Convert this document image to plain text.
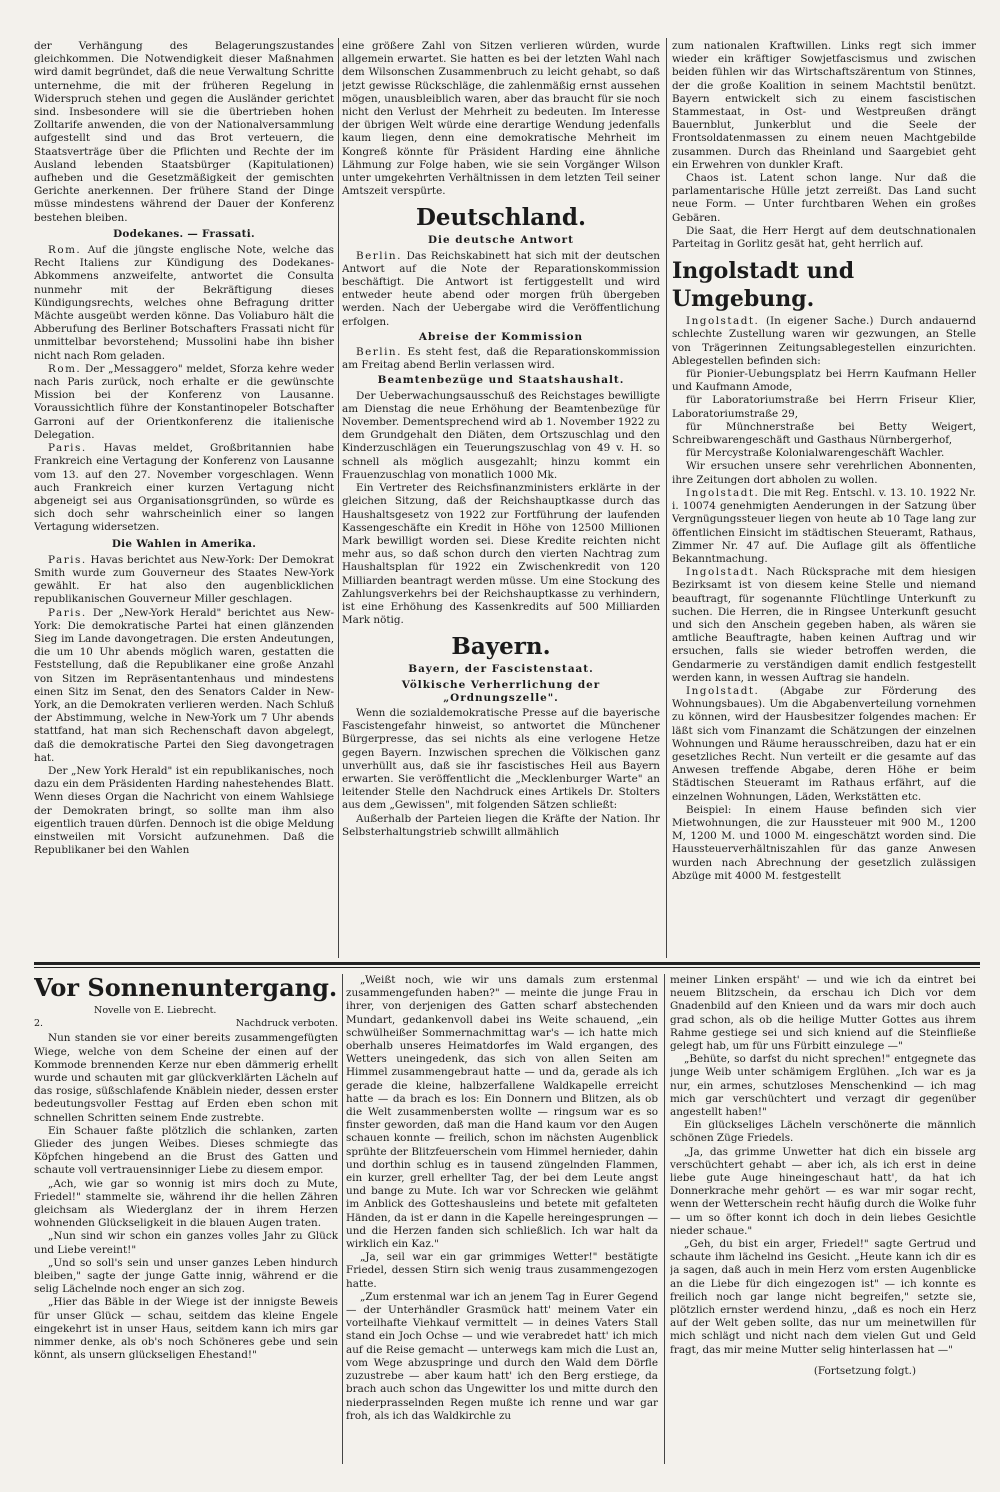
der Verhängung des Belagerungszustandes gleichkommen. Die Notwendigkeit dieser Maßnahmen wird damit begründet, daß die neue Verwaltung Schritte unternehme, die mit der früheren Regelung in Widerspruch stehen und gegen die Ausländer gerichtet sind. Insbesondere will sie die übertrieben hohen Zolltarife anwenden, die von der Nationalversammlung aufgestellt sind und das Brot verteuern, die Staatsverträge über die Pflichten und Rechte der im Ausland lebenden Staatsbürger (Kapitulationen) aufheben und die Gesetzmäßigkeit der gemischten Gerichte anerkennen. Der frühere Stand der Dinge müsse mindestens während der Dauer der Konferenz bestehen bleiben.

Dodekanes. — Frassati.

Rom. Auf die jüngste englische Note, welche das Recht Italiens zur Kündigung des Dodekanes-Abkommens anzweifelte, antwortet die Consulta nunmehr mit der Bekräftigung dieses Kündigungsrechts, welches ohne Befragung dritter Mächte ausgeübt werden könne. Das Voliaburo hält die Abberufung des Berliner Botschafters Frassati nicht für unmittelbar bevorstehend; Mussolini habe ihn bisher nicht nach Rom geladen.

Rom. Der „Messaggero" meldet, Sforza kehre weder nach Paris zurück, noch erhalte er die gewünschte Mission bei der Konferenz von Lausanne. Voraussichtlich führe der Konstantinopeler Botschafter Garroni auf der Orientkonferenz die italienische Delegation.

Paris. Havas meldet, Großbritannien habe Frankreich eine Vertagung der Konferenz von Lausanne vom 13. auf den 27. November vorgeschlagen. Wenn auch Frankreich einer kurzen Vertagung nicht abgeneigt sei aus Organisationsgründen, so würde es sich doch sehr wahrscheinlich einer so langen Vertagung widersetzen.

Die Wahlen in Amerika.

Paris. Havas berichtet aus New-York: Der Demokrat Smith wurde zum Gouverneur des Staates New-York gewählt. Er hat also den augenblicklichen republikanischen Gouverneur Miller geschlagen.

Paris. Der „New-York Herald" berichtet aus New-York: Die demokratische Partei hat einen glänzenden Sieg im Lande davongetragen. Die ersten Andeutungen, die um 10 Uhr abends möglich waren, gestatten die Feststellung, daß die Republikaner eine große Anzahl von Sitzen im Repräsentantenhaus und mindestens einen Sitz im Senat, den des Senators Calder in New-York, an die Demokraten verlieren werden. Nach Schluß der Abstimmung, welche in New-York um 7 Uhr abends stattfand, hat man sich Rechenschaft davon abgelegt, daß die demokratische Partei den Sieg davongetragen hat.

Der „New York Herald" ist ein republikanisches, noch dazu ein dem Präsidenten Harding nahestehendes Blatt. Wenn dieses Organ die Nachricht von einem Wahlsiege der Demokraten bringt, so sollte man ihm also eigentlich trauen dürfen. Dennoch ist die obige Meldung einstweilen mit Vorsicht aufzunehmen. Daß die Republikaner bei den Wahlen

eine größere Zahl von Sitzen verlieren würden, wurde allgemein erwartet. Sie hatten es bei der letzten Wahl nach dem Wilsonschen Zusammenbruch zu leicht gehabt, so daß jetzt gewisse Rückschläge, die zahlenmäßig ernst aussehen mögen, unausbleiblich waren, aber das braucht für sie noch nicht den Verlust der Mehrheit zu bedeuten. Im Interesse der übrigen Welt würde eine derartige Wendung jedenfalls kaum liegen, denn eine demokratische Mehrheit im Kongreß könnte für Präsident Harding eine ähnliche Lähmung zur Folge haben, wie sie sein Vorgänger Wilson unter umgekehrten Verhältnissen in dem letzten Teil seiner Amtszeit verspürte.

Deutschland.
Die deutsche Antwort

Berlin. Das Reichskabinett hat sich mit der deutschen Antwort auf die Note der Reparationskommission beschäftigt. Die Antwort ist fertiggestellt und wird entweder heute abend oder morgen früh übergeben werden. Nach der Uebergabe wird die Veröffentlichung erfolgen.

Abreise der Kommission

Berlin. Es steht fest, daß die Reparationskommission am Freitag abend Berlin verlassen wird.

Beamtenbezüge und Staatshaushalt.

Der Ueberwachungsausschuß des Reichstages bewilligte am Dienstag die neue Erhöhung der Beamtenbezüge für November. Dementsprechend wird ab 1. November 1922 zu dem Grundgehalt den Diäten, dem Ortszuschlag und den Kinderzuschlägen ein Teuerungszuschlag von 49 v. H. so schnell als möglich ausgezahlt; hinzu kommt ein Frauenzuschlag von monatlich 1000 Mk.

Ein Vertreter des Reichsfinanzministers erklärte in der gleichen Sitzung, daß der Reichshauptkasse durch das Haushaltsgesetz von 1922 zur Fortführung der laufenden Kassengeschäfte ein Kredit in Höhe von 12500 Millionen Mark bewilligt worden sei. Diese Kredite reichten nicht mehr aus, so daß schon durch den vierten Nachtrag zum Haushaltsplan für 1922 ein Zwischenkredit von 120 Milliarden beantragt werden müsse. Um eine Stockung des Zahlungsverkehrs bei der Reichshauptkasse zu verhindern, ist eine Erhöhung des Kassenkredits auf 500 Milliarden Mark nötig.

Bayern.
Bayern, der Fascistenstaat.
Völkische Verherrlichung der „Ordnungszelle".

Wenn die sozialdemokratische Presse auf die bayerische Fascistengefahr hinweist, so antwortet die Münchener Bürgerpresse, das sei nichts als eine verlogene Hetze gegen Bayern. Inzwischen sprechen die Völkischen ganz unverhüllt aus, daß sie ihr fascistisches Heil aus Bayern erwarten. Sie veröffentlicht die „Mecklenburger Warte" an leitender Stelle den Nachdruck eines Artikels Dr. Stolters aus dem „Gewissen", mit folgenden Sätzen schließt:

Außerhalb der Parteien liegen die Kräfte der Nation. Ihr Selbsterhaltungstrieb schwillt allmählich

zum nationalen Kraftwillen. Links regt sich immer wieder ein kräftiger Sowjetfascismus und zwischen beiden fühlen wir das Wirtschaftszärentum von Stinnes, der die große Koalition in seinem Machtstil benützt. Bayern entwickelt sich zu einem fascistischen Stammestaat, in Ost- und Westpreußen drängt Bauernblut, Junkerblut und die Seele der Frontsoldatenmassen zu einem neuen Machtgebilde zusammen. Durch das Rheinland und Saargebiet geht ein Erwehren von dunkler Kraft.

Chaos ist. Latent schon lange. Nur daß die parlamentarische Hülle jetzt zerreißt. Das Land sucht neue Form. — Unter furchtbaren Wehen ein großes Gebären.

Die Saat, die Herr Hergt auf dem deutschnationalen Parteitag in Gorlitz gesät hat, geht herrlich auf.

Ingolstadt und Umgebung.

Ingolstadt. (In eigener Sache.) Durch andauernd schlechte Zustellung waren wir gezwungen, an Stelle von Trägerinnen Zeitungsablegestellen einzurichten. Ablegestellen befinden sich:

für Pionier-Uebungsplatz bei Herrn Kaufmann Heller und Kaufmann Amode,

für Laboratoriumstraße bei Herrn Friseur Klier, Laboratoriumstraße 29,

für Münchnerstraße bei Betty Weigert, Schreibwarengeschäft und Gasthaus Nürnbergerhof,

für Mercystraße Kolonialwarengeschäft Wachler.

Wir ersuchen unsere sehr verehrlichen Abonnenten, ihre Zeitungen dort abholen zu wollen.

Ingolstadt. Die mit Reg. Entschl. v. 13. 10. 1922 Nr. i. 10074 genehmigten Aenderungen in der Satzung über Vergnügungssteuer liegen von heute ab 10 Tage lang zur öffentlichen Einsicht im städtischen Steueramt, Rathaus, Zimmer Nr. 47 auf. Die Auflage gilt als öffentliche Bekanntmachung.

Ingolstadt. Nach Rücksprache mit dem hiesigen Bezirksamt ist von diesem keine Stelle und niemand beauftragt, für sogenannte Flüchtlinge Unterkunft zu suchen. Die Herren, die in Ringsee Unterkunft gesucht und sich den Anschein gegeben haben, als wären sie amtliche Beauftragte, haben keinen Auftrag und wir ersuchen, falls sie wieder betroffen werden, die Gendarmerie zu verständigen damit endlich festgestellt werden kann, in wessen Auftrag sie handeln.

Ingolstadt. (Abgabe zur Förderung des Wohnungsbaues). Um die Abgabenverteilung vornehmen zu können, wird der Hausbesitzer folgendes machen: Er läßt sich vom Finanzamt die Schätzungen der einzelnen Wohnungen und Räume herausschreiben, dazu hat er ein gesetzliches Recht. Nun verteilt er die gesamte auf das Anwesen treffende Abgabe, deren Höhe er beim Städtischen Steueramt im Rathaus erfährt, auf die einzelnen Wohnungen, Läden, Werkstätten etc.

Beispiel: In einem Hause befinden sich vier Mietwohnungen, die zur Haussteuer mit 900 M., 1200 M, 1200 M. und 1000 M. eingeschätzt worden sind. Die Haussteuerverhältniszahlen für das ganze Anwesen wurden nach Abrechnung der gesetzlich zulässigen Abzüge mit 4000 M. festgestellt

Vor Sonnenuntergang.
Novelle von E. Liebrecht.
2.	Nachdruck verboten.

Nun standen sie vor einer bereits zusammengefügten Wiege, welche von dem Scheine der einen auf der Kommode brennenden Kerze nur eben dämmerig erhellt wurde und schauten mit gar glückverklärten Lächeln auf das rosige, süßschlafende Knäblein nieder, dessen erster bedeutungsvoller Festtag auf Erden eben schon mit schnellen Schritten seinem Ende zustrebte.

Ein Schauer faßte plötzlich die schlanken, zarten Glieder des jungen Weibes. Dieses schmiegte das Köpfchen hingebend an die Brust des Gatten und schaute voll vertrauensinniger Liebe zu diesem empor.

„Ach, wie gar so wonnig ist mirs doch zu Mute, Friedel!" stammelte sie, während ihr die hellen Zähren gleichsam als Wiederglanz der in ihrem Herzen wohnenden Glückseligkeit in die blauen Augen traten.

„Nun sind wir schon ein ganzes volles Jahr zu Glück und Liebe vereint!"

„Und so soll's sein und unser ganzes Leben hindurch bleiben," sagte der junge Gatte innig, während er die selig Lächelnde noch enger an sich zog.

„Hier das Bäble in der Wiege ist der innigste Beweis für unser Glück — schau, seitdem das kleine Engele eingekehrt ist in unser Haus, seitdem kann ich mirs gar nimmer denke, als ob's noch Schöneres gebe und sein könnt, als unsern glückseligen Ehestand!"

„Weißt noch, wie wir uns damals zum erstenmal zusammengefunden haben?" — meinte die junge Frau in ihrer, von derjenigen des Gatten scharf abstechenden Mundart, gedankenvoll dabei ins Weite schauend, „ein schwülheißer Sommernachmittag war's — ich hatte mich oberhalb unseres Heimatdorfes im Wald ergangen, des Wetters uneingedenk, das sich von allen Seiten am Himmel zusammengebraut hatte — und da, gerade als ich gerade die kleine, halbzerfallene Waldkapelle erreicht hatte — da brach es los: Ein Donnern und Blitzen, als ob die Welt zusammenbersten wollte — ringsum war es so finster geworden, daß man die Hand kaum vor den Augen schauen konnte — freilich, schon im nächsten Augenblick sprühte der Blitzfeuerschein vom Himmel hernieder, dahin und dorthin schlug es in tausend züngelnden Flammen, ein kurzer, grell erhellter Tag, der bei dem Leute angst und bange zu Mute. Ich war vor Schrecken wie gelähmt im Anblick des Gotteshausleins und betete mit gefalteten Händen, da ist er dann in die Kapelle hereingesprungen — und die Herzen fanden sich schließlich. Ich war halt da wirklich ein Kaz."

„Ja, seil war ein gar grimmiges Wetter!" bestätigte Friedel, dessen Stirn sich wenig traus zusammengezogen hatte.

„Zum erstenmal war ich an jenem Tag in Eurer Gegend — der Unterhändler Grasmück hatt' meinem Vater ein vorteilhafte Viehkauf vermittelt — in deines Vaters Stall stand ein Joch Ochse — und wie verabredet hatt' ich mich auf die Reise gemacht — unterwegs kam mich die Lust an, vom Wege abzuspringe und durch den Wald dem Dörfle zuzustrebe — aber kaum hatt' ich den Berg erstiege, da brach auch schon das Ungewitter los und mitte durch den niederprasselnden Regen mußte ich renne und war gar froh, als ich das Waldkirchle zu

meiner Linken erspäht' — und wie ich da eintret bei neuem Blitzschein, da erschau ich Dich vor dem Gnadenbild auf den Knieen und da wars mir doch auch grad schon, als ob die heilige Mutter Gottes aus ihrem Rahme gestiege sei und sich kniend auf die Steinfließe gelegt hab, um für uns Fürbitt einzulege —"

„Behüte, so darfst du nicht sprechen!" entgegnete das junge Weib unter schämigem Erglühen. „Ich war es ja nur, ein armes, schutzloses Menschenkind — ich mag mich gar verschüchtert und verzagt dir gegenüber angestellt haben!"

Ein glückseliges Lächeln verschönerte die männlich schönen Züge Friedels.

„Ja, das grimme Unwetter hat dich ein bissele arg verschüchtert gehabt — aber ich, als ich erst in deine liebe gute Auge hineingeschaut hatt', da hat ich Donnerkrache mehr gehört — es war mir sogar recht, wenn der Wetterschein recht häufig durch die Wolke fuhr — um so öfter konnt ich doch in dein liebes Gesichtle nieder schaue."

„Geh, du bist ein arger, Friedel!" sagte Gertrud und schaute ihm lächelnd ins Gesicht. „Heute kann ich dir es ja sagen, daß auch in mein Herz vom ersten Augenblicke an die Liebe für dich eingezogen ist" — ich konnte es freilich noch gar lange nicht begreifen," setzte sie, plötzlich ernster werdend hinzu, „daß es noch ein Herz auf der Welt geben sollte, das nur um meinetwillen für mich schlägt und nicht nach dem vielen Gut und Geld fragt, das mir meine Mutter selig hinterlassen hat —"

(Fortsetzung folgt.)
